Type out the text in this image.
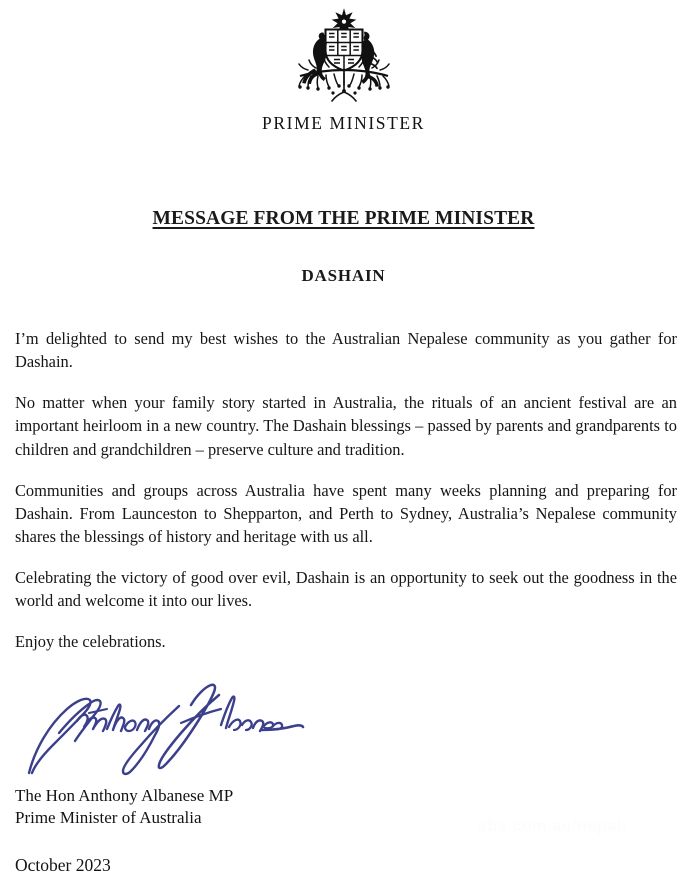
PRIME MINISTER
MESSAGE FROM THE PRIME MINISTER
DASHAIN

I’m delighted to send my best wishes to the Australian Nepalese community as you gather for Dashain.

No matter when your family story started in Australia, the rituals of an ancient festival are an important heirloom in a new country. The Dashain blessings – passed by parents and grandparents to children and grandchildren – preserve culture and tradition.

Communities and groups across Australia have spent many weeks planning and preparing for Dashain. From Launceston to Shepparton, and Perth to Sydney, Australia’s Nepalese community shares the blessings of history and heritage with us all.

Celebrating the victory of good over evil, Dashain is an opportunity to seek out the goodness in the world and welcome it into our lives.

Enjoy the celebrations.

The Hon Anthony Albanese MP
Prime Minister of Australia
October 2023
sbs.com.au/nepali
